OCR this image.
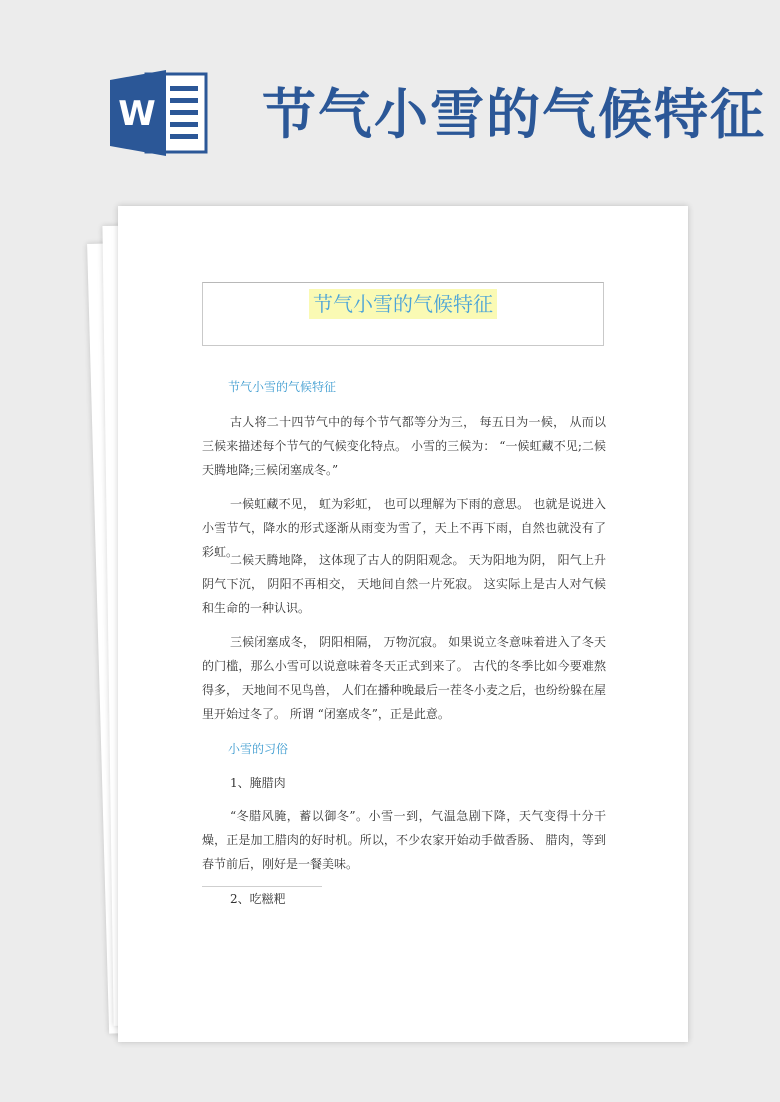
W 节气小雪的气候特征
节气小雪的气候特征
节气小雪的气候特征

古人将二十四节气中的每个节气都等分为三， 每五日为一候， 从而以三候来描述每个节气的气候变化特点。 小雪的三候为： “一候虹藏不见;二候天腾地降;三候闭塞成冬。”

一候虹藏不见， 虹为彩虹， 也可以理解为下雨的意思。 也就是说进入小雪节气，降水的形式逐渐从雨变为雪了，天上不再下雨，自然也就没有了彩虹。

二候天腾地降， 这体现了古人的阴阳观念。 天为阳地为阴， 阳气上升阴气下沉， 阴阳不再相交， 天地间自然一片死寂。 这实际上是古人对气候和生命的一种认识。

三候闭塞成冬， 阴阳相隔， 万物沉寂。 如果说立冬意味着进入了冬天的门槛，那么小雪可以说意味着冬天正式到来了。 古代的冬季比如今要难熬得多， 天地间不见鸟兽， 人们在播种晚最后一茬冬小麦之后，也纷纷躲在屋里开始过冬了。 所谓 “闭塞成冬”，正是此意。

小雪的习俗
1、腌腊肉

“冬腊风腌，蓄以御冬”。小雪一到，气温急剧下降，天气变得十分干燥，正是加工腊肉的好时机。所以，不少农家开始动手做香肠、 腊肉，等到春节前后，刚好是一餐美味。

2、吃糍粑
